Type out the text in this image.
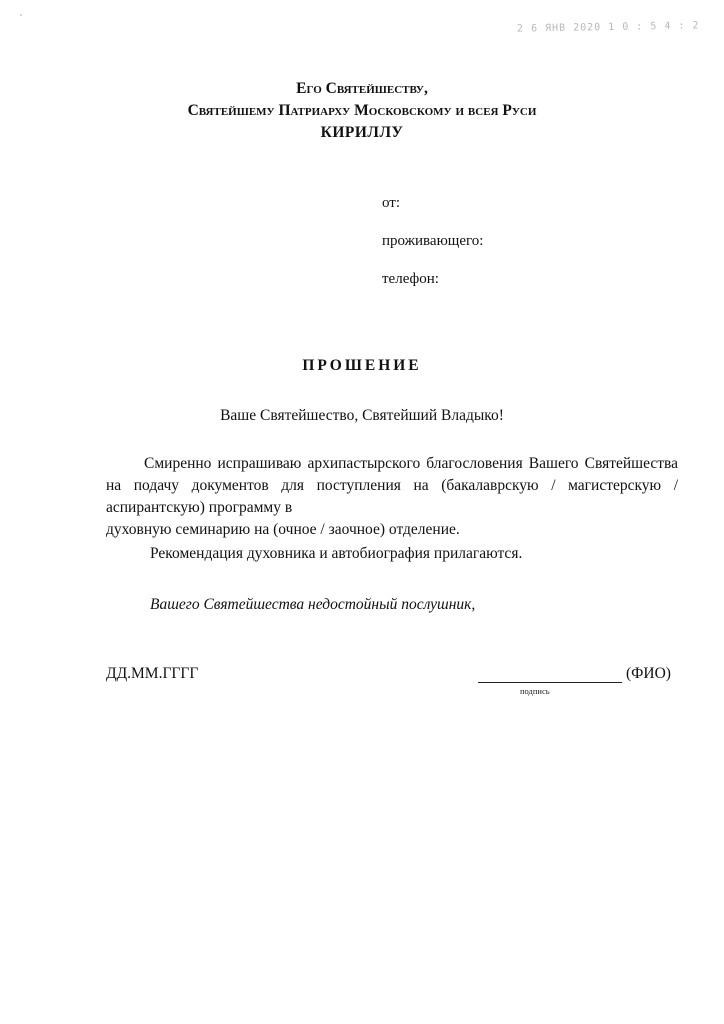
2 6 ЯНВ 2020 1 0 : 5 4 : 2
Его Святейшеству,
Святейшему Патриарху Московскому и всея Руси
КИРИЛЛУ
от:
проживающего:
телефон:
ПРОШЕНИЕ
Ваше Святейшество, Святейший Владыко!

Смиренно испрашиваю архипастырского благословения Вашего Святейшества на подачу документов для поступления на (бакалаврскую / магистерскую / аспирантскую) программу в

духовную семинарию на (очное / заочное) отделение.

Рекомендация духовника и автобиография прилагаются.

Вашего Святейшества недостойный послушник,
ДД.ММ.ГГГГ	(ФИО)
подпись
